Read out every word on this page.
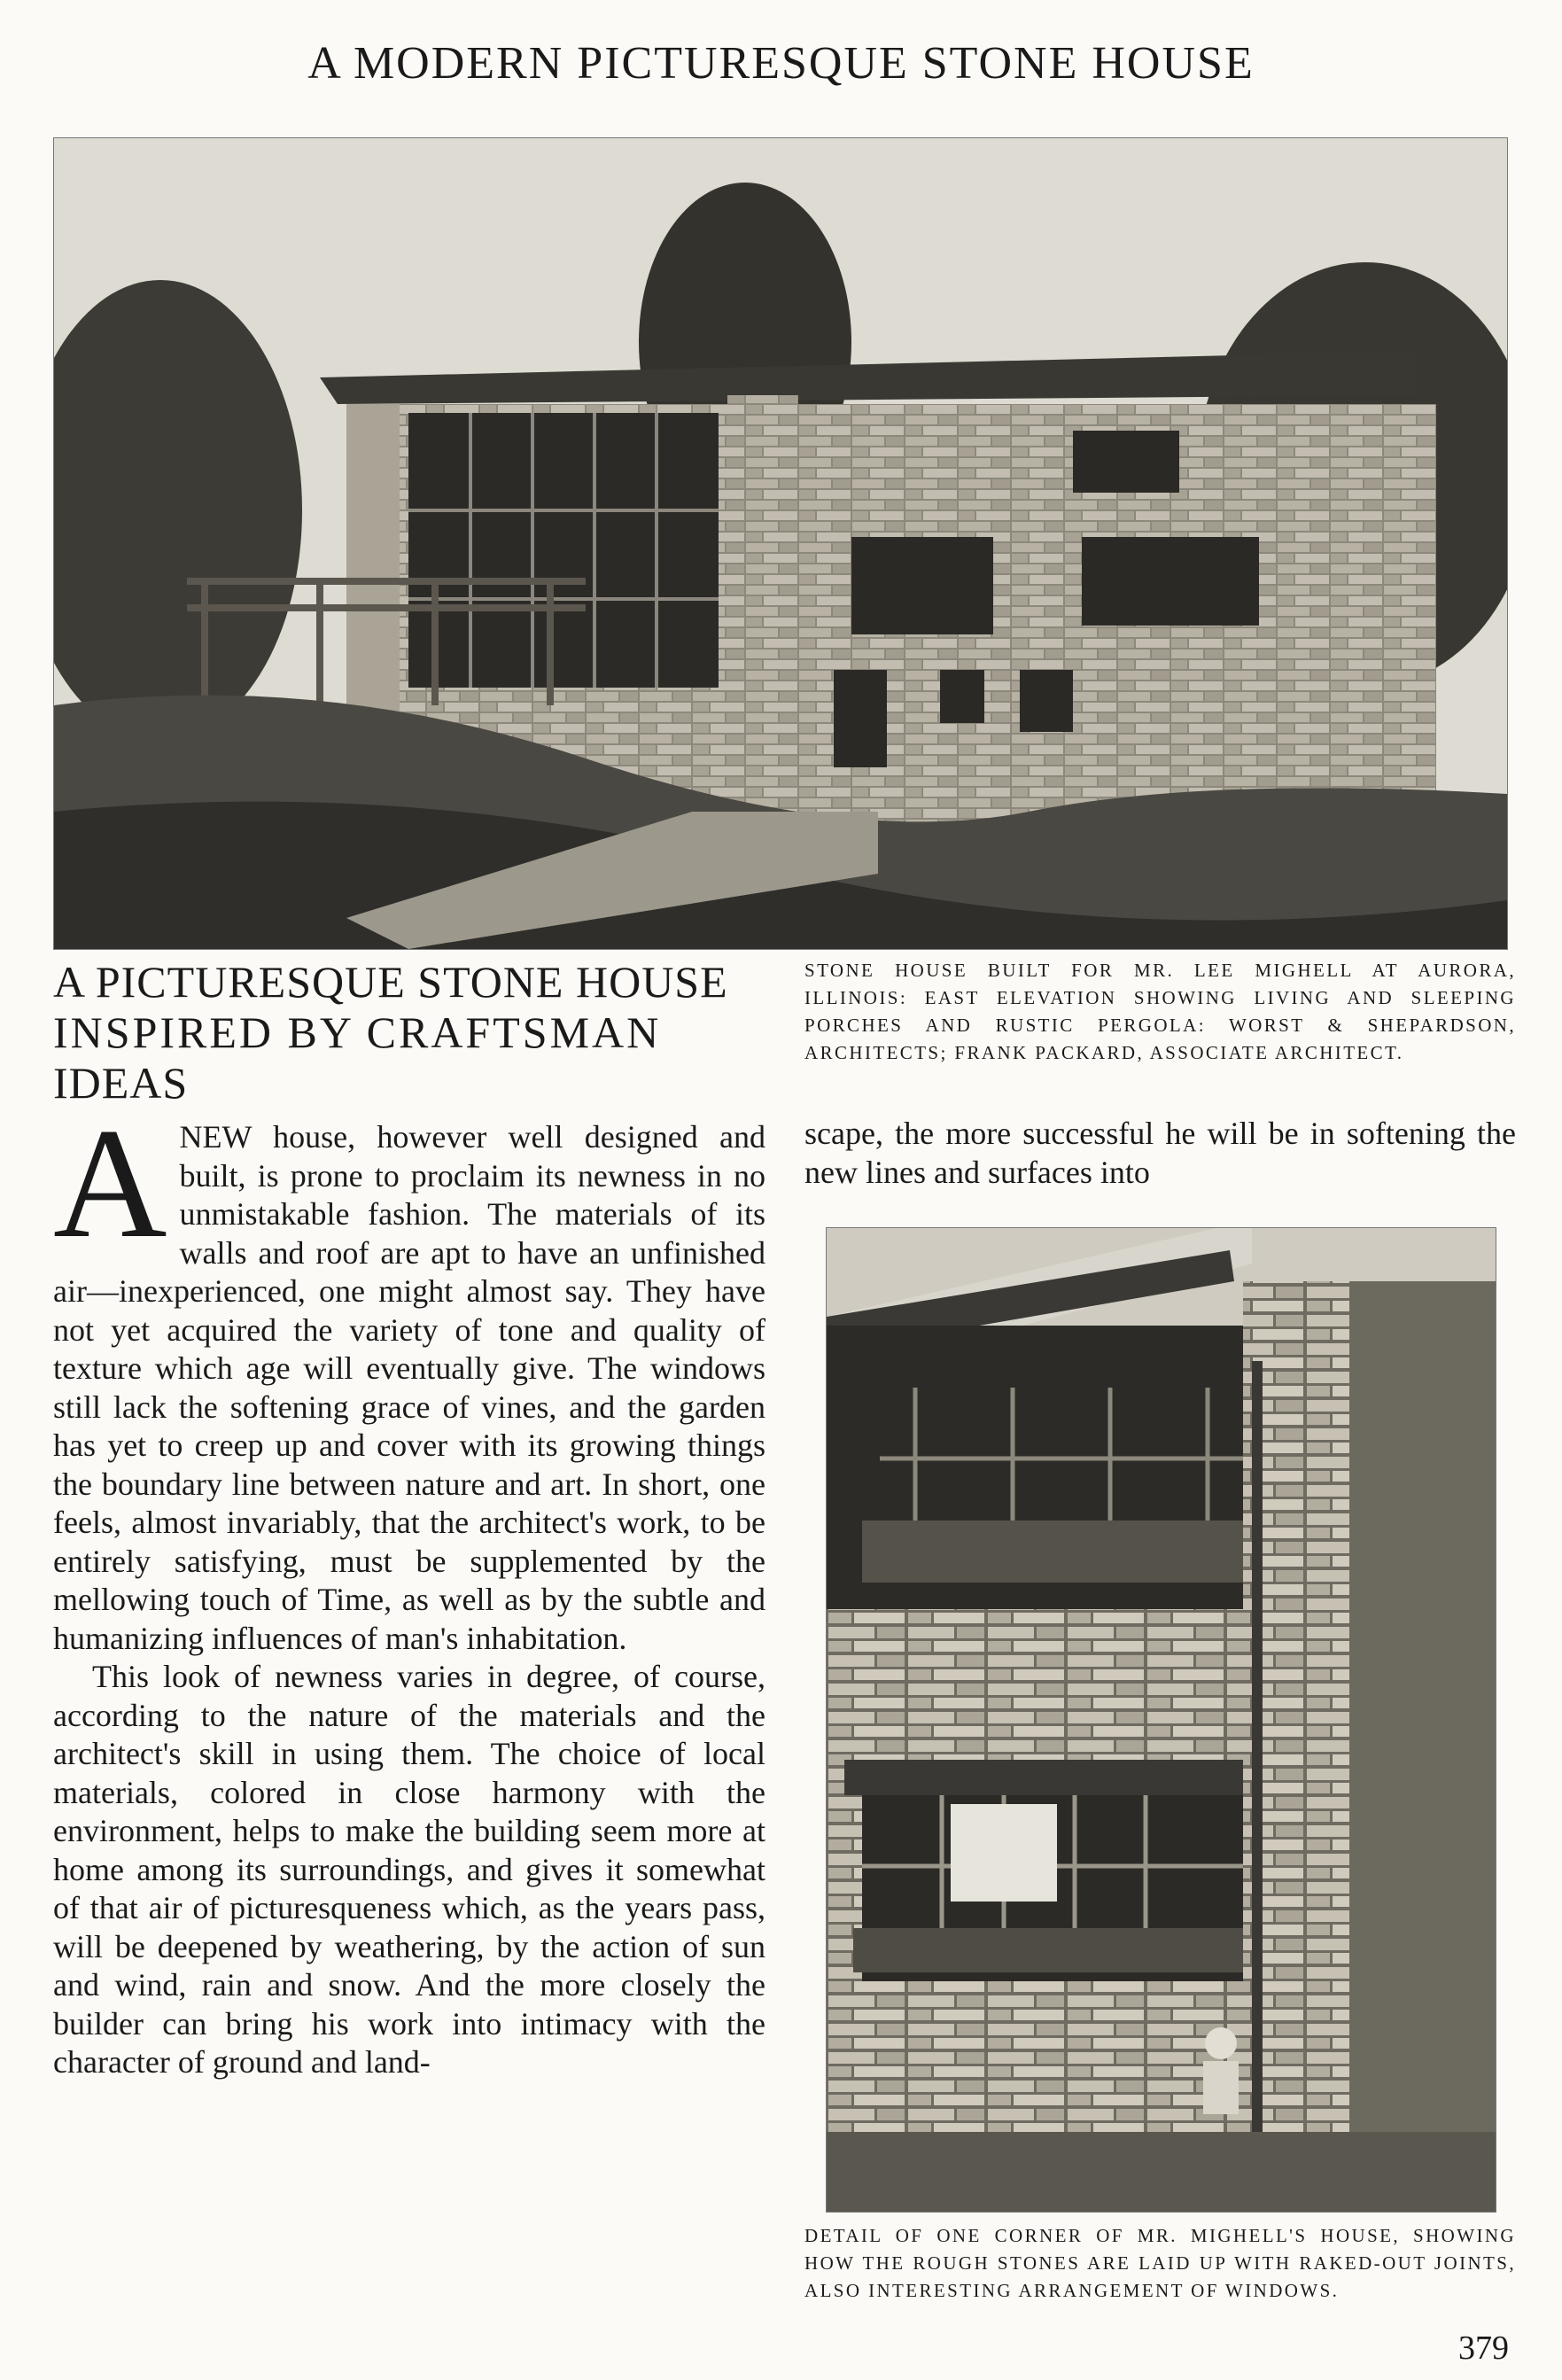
A MODERN PICTURESQUE STONE HOUSE
A PICTURESQUE STONE HOUSE
INSPIRED BY CRAFTSMAN
IDEAS
STONE HOUSE BUILT FOR MR. LEE MIGHELL AT AURORA, ILLINOIS: EAST ELEVATION SHOWING LIVING AND SLEEPING PORCHES AND RUSTIC PERGOLA: WORST & SHEPARDSON, ARCHITECTS; FRANK PACKARD, ASSOCIATE ARCHITECT.
A NEW house, however well designed and built, is prone to proclaim its newness in no unmistakable fashion. The materials of its walls and roof are apt to have an unfinished air—inexperienced, one might almost say. They have not yet acquired the variety of tone and quality of texture which age will eventually give. The windows still lack the softening grace of vines, and the garden has yet to creep up and cover with its growing things the boundary line between nature and art. In short, one feels, almost invariably, that the architect's work, to be entirely satisfying, must be supplemented by the mellowing touch of Time, as well as by the subtle and humanizing influences of man's inhabitation.

This look of newness varies in degree, of course, according to the nature of the materials and the architect's skill in using them. The choice of local materials, colored in close harmony with the environment, helps to make the building seem more at home among its surroundings, and gives it somewhat of that air of picturesqueness which, as the years pass, will be deepened by weathering, by the action of sun and wind, rain and snow. And the more closely the builder can bring his work into intimacy with the character of ground and land-

scape, the more successful he will be in softening the new lines and surfaces into

DETAIL OF ONE CORNER OF MR. MIGHELL'S HOUSE, SHOWING HOW THE ROUGH STONES ARE LAID UP WITH RAKED-OUT JOINTS, ALSO INTERESTING ARRANGEMENT OF WINDOWS.
379
